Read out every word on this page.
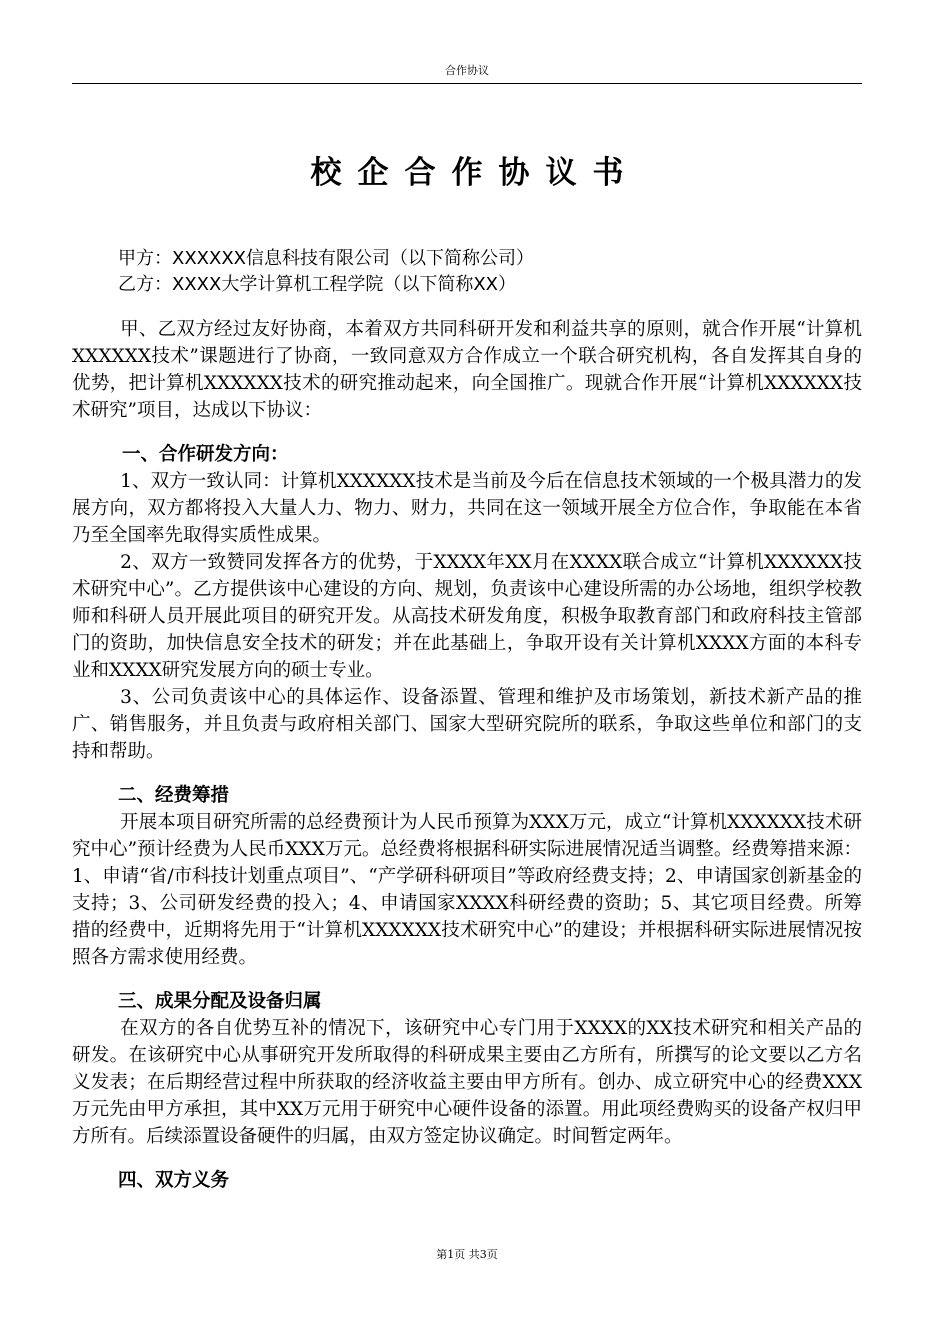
合作协议
校企合作协议书
甲方：XXXXXX信息科技有限公司（以下简称公司）
乙方：XXXX大学计算机工程学院（以下简称XX）

甲、乙双方经过友好协商，本着双方共同科研开发和利益共享的原则，就合作开展“计算机XXXXXX技术”课题进行了协商，一致同意双方合作成立一个联合研究机构，各自发挥其自身的优势，把计算机XXXXXX技术的研究推动起来，向全国推广。现就合作开展“计算机XXXXXX技术研究”项目，达成以下协议：

一、合作研发方向：

1、双方一致认同：计算机XXXXXX技术是当前及今后在信息技术领域的一个极具潜力的发展方向，双方都将投入大量人力、物力、财力，共同在这一领域开展全方位合作，争取能在本省乃至全国率先取得实质性成果。

2、双方一致赞同发挥各方的优势，于XXXX年XX月在XXXX联合成立“计算机XXXXXX技术研究中心”。乙方提供该中心建设的方向、规划，负责该中心建设所需的办公场地，组织学校教师和科研人员开展此项目的研究开发。从高技术研发角度，积极争取教育部门和政府科技主管部门的资助，加快信息安全技术的研发；并在此基础上，争取开设有关计算机XXXX方面的本科专业和XXXX研究发展方向的硕士专业。

3、公司负责该中心的具体运作、设备添置、管理和维护及市场策划，新技术新产品的推广、销售服务，并且负责与政府相关部门、国家大型研究院所的联系，争取这些单位和部门的支持和帮助。

二、经费筹措

开展本项目研究所需的总经费预计为人民币预算为XXX万元，成立“计算机XXXXXX技术研究中心”预计经费为人民币XXX万元。总经费将根据科研实际进展情况适当调整。经费筹措来源：1、申请“省/市科技计划重点项目”、“产学研科研项目”等政府经费支持；2、申请国家创新基金的支持；3、公司研发经费的投入；4、申请国家XXXX科研经费的资助；5、其它项目经费。所筹措的经费中，近期将先用于“计算机XXXXXX技术研究中心”的建设；并根据科研实际进展情况按照各方需求使用经费。

三、成果分配及设备归属

在双方的各自优势互补的情况下，该研究中心专门用于XXXX的XX技术研究和相关产品的研发。在该研究中心从事研究开发所取得的科研成果主要由乙方所有，所撰写的论文要以乙方名义发表；在后期经营过程中所获取的经济收益主要由甲方所有。创办、成立研究中心的经费XXX万元先由甲方承担，其中XX万元用于研究中心硬件设备的添置。用此项经费购买的设备产权归甲方所有。后续添置设备硬件的归属，由双方签定协议确定。时间暂定两年。

四、双方义务
第1页 共3页
